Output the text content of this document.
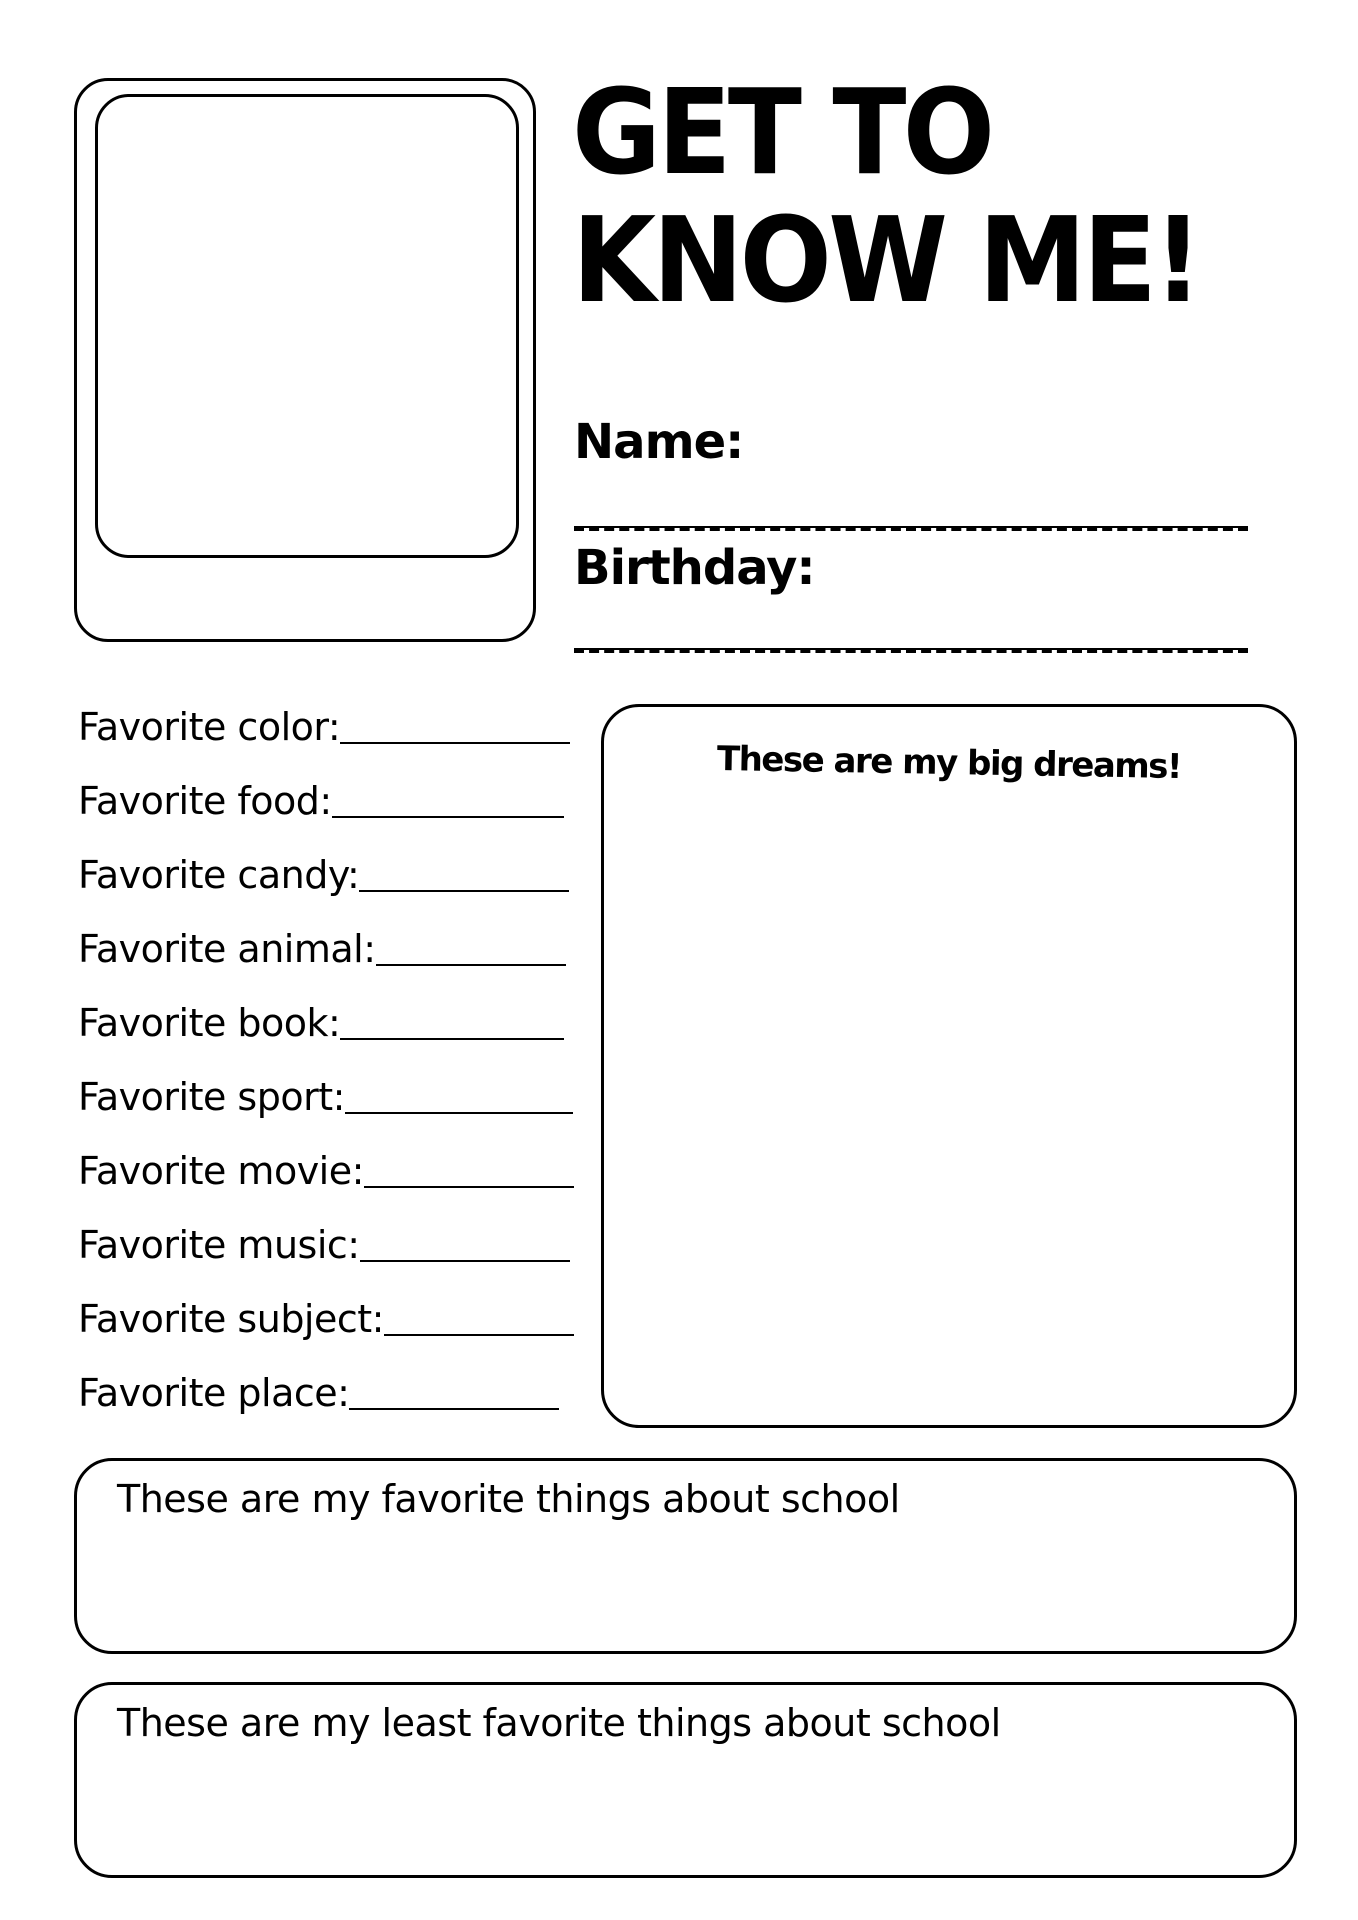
GET TO
KNOW ME!
Name:
Birthday:
Favorite color:
Favorite food:
Favorite candy:
Favorite animal:
Favorite book:
Favorite sport:
Favorite movie:
Favorite music:
Favorite subject:
Favorite place:
These are my big dreams!
These are my favorite things about school
These are my least favorite things about school
